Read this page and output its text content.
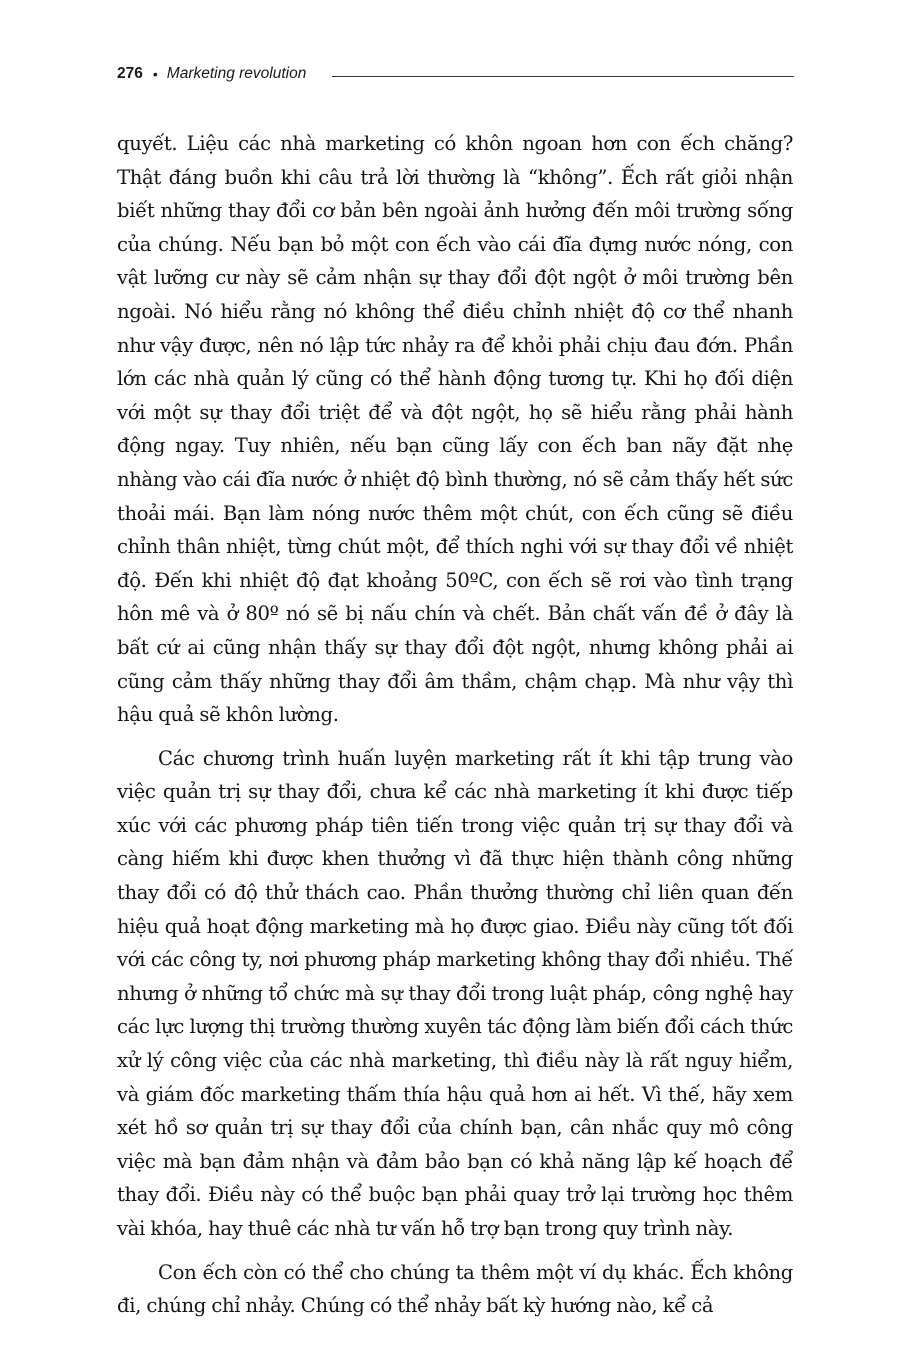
276 • Marketing revolution

quyết. Liệu các nhà marketing có khôn ngoan hơn con ếch chăng? Thật đáng buồn khi câu trả lời thường là “không”. Ếch rất giỏi nhận biết những thay đổi cơ bản bên ngoài ảnh hưởng đến môi trường sống của chúng. Nếu bạn bỏ một con ếch vào cái đĩa đựng nước nóng, con vật lưỡng cư này sẽ cảm nhận sự thay đổi đột ngột ở môi trường bên ngoài. Nó hiểu rằng nó không thể điều chỉnh nhiệt độ cơ thể nhanh như vậy được, nên nó lập tức nhảy ra để khỏi phải chịu đau đớn. Phần lớn các nhà quản lý cũng có thể hành động tương tự. Khi họ đối diện với một sự thay đổi triệt để và đột ngột, họ sẽ hiểu rằng phải hành động ngay. Tuy nhiên, nếu bạn cũng lấy con ếch ban nãy đặt nhẹ nhàng vào cái đĩa nước ở nhiệt độ bình thường, nó sẽ cảm thấy hết sức thoải mái. Bạn làm nóng nước thêm một chút, con ếch cũng sẽ điều chỉnh thân nhiệt, từng chút một, để thích nghi với sự thay đổi về nhiệt độ. Đến khi nhiệt độ đạt khoảng 50ºC, con ếch sẽ rơi vào tình trạng hôn mê và ở 80º nó sẽ bị nấu chín và chết. Bản chất vấn đề ở đây là bất cứ ai cũng nhận thấy sự thay đổi đột ngột, nhưng không phải ai cũng cảm thấy những thay đổi âm thầm, chậm chạp. Mà như vậy thì hậu quả sẽ khôn lường.

Các chương trình huấn luyện marketing rất ít khi tập trung vào việc quản trị sự thay đổi, chưa kể các nhà marketing ít khi được tiếp xúc với các phương pháp tiên tiến trong việc quản trị sự thay đổi và càng hiếm khi được khen thưởng vì đã thực hiện thành công những thay đổi có độ thử thách cao. Phần thưởng thường chỉ liên quan đến hiệu quả hoạt động marketing mà họ được giao. Điều này cũng tốt đối với các công ty, nơi phương pháp marketing không thay đổi nhiều. Thế nhưng ở những tổ chức mà sự thay đổi trong luật pháp, công nghệ hay các lực lượng thị trường thường xuyên tác động làm biến đổi cách thức xử lý công việc của các nhà marketing, thì điều này là rất nguy hiểm, và giám đốc marketing thấm thía hậu quả hơn ai hết. Vì thế, hãy xem xét hồ sơ quản trị sự thay đổi của chính bạn, cân nhắc quy mô công việc mà bạn đảm nhận và đảm bảo bạn có khả năng lập kế hoạch để thay đổi. Điều này có thể buộc bạn phải quay trở lại trường học thêm vài khóa, hay thuê các nhà tư vấn hỗ trợ bạn trong quy trình này.

Con ếch còn có thể cho chúng ta thêm một ví dụ khác. Ếch không đi, chúng chỉ nhảy. Chúng có thể nhảy bất kỳ hướng nào, kể cả
